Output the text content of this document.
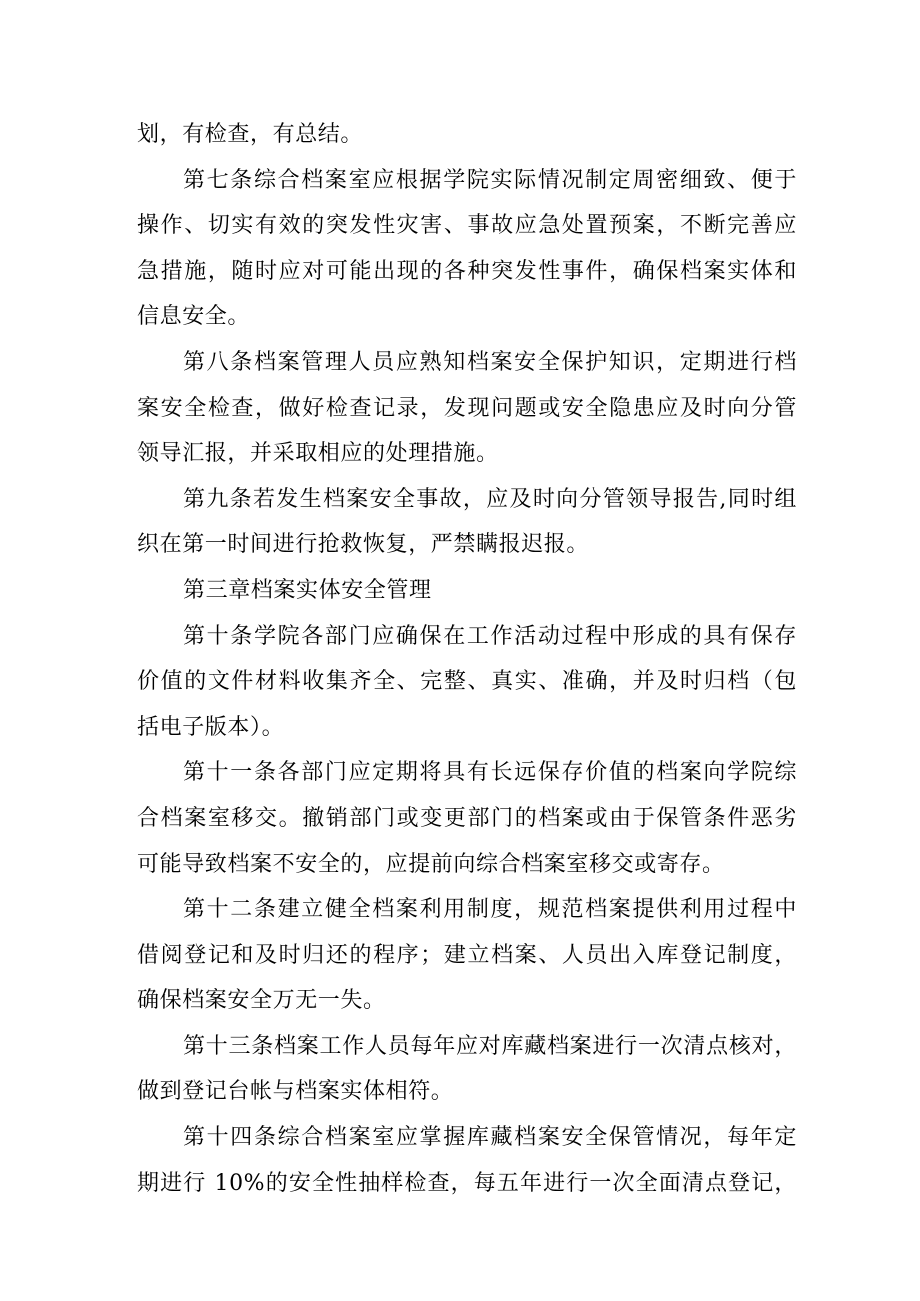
划，有检查，有总结。
第七条综合档案室应根据学院实际情况制定周密细致、便于
操作、切实有效的突发性灾害、事故应急处置预案，不断完善应
急措施，随时应对可能出现的各种突发性事件，确保档案实体和
信息安全。
第八条档案管理人员应熟知档案安全保护知识，定期进行档
案安全检查，做好检查记录，发现问题或安全隐患应及时向分管
领导汇报，并采取相应的处理措施。
第九条若发生档案安全事故，应及时向分管领导报告,同时组
织在第一时间进行抢救恢复，严禁瞒报迟报。
第三章档案实体安全管理
第十条学院各部门应确保在工作活动过程中形成的具有保存
价值的文件材料收集齐全、完整、真实、准确，并及时归档（包
括电子版本）。
第十一条各部门应定期将具有长远保存价值的档案向学院综
合档案室移交。撤销部门或变更部门的档案或由于保管条件恶劣
可能导致档案不安全的，应提前向综合档案室移交或寄存。
第十二条建立健全档案利用制度，规范档案提供利用过程中
借阅登记和及时归还的程序；建立档案、人员出入库登记制度，
确保档案安全万无一失。
第十三条档案工作人员每年应对库藏档案进行一次清点核对，
做到登记台帐与档案实体相符。
第十四条综合档案室应掌握库藏档案安全保管情况，每年定
期进行 10%的安全性抽样检查，每五年进行一次全面清点登记，
